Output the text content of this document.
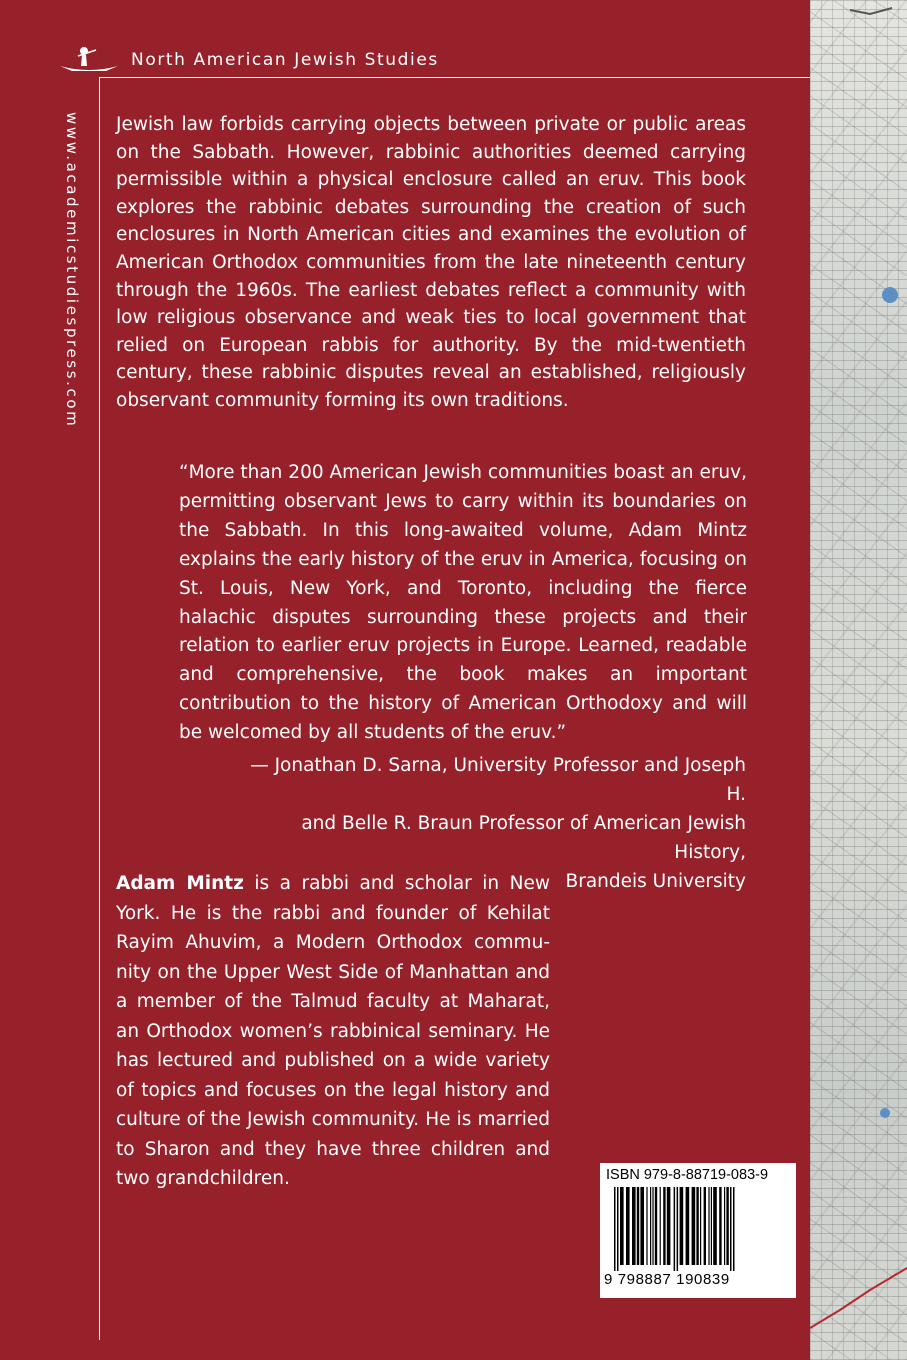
North American Jewish Studies
www.academicstudiespress.com Jewish law forbids carrying objects between private or public areas on the Sabbath. However, rabbinic authorities deemed carrying permissible within a physical enclosure called an eruv. This book explores the rabbinic debates surrounding the creation of such enclosures in North American cities and examines the evolution of American Orthodox communities from the late nineteenth century through the 1960s. The earliest debates reflect a community with low religious observance and weak ties to local government that relied on European rabbis for authority. By the mid-twentieth century, these rabbinic disputes reveal an established, religiously observant community forming its own traditions.

“More than 200 American Jewish communities boast an eruv, permitting observant Jews to carry within its boundaries on the Sabbath. In this long-awaited volume, Adam Mintz explains the early history of the eruv in America, focusing on St. Louis, New York, and Toronto, including the fierce halachic disputes surrounding these projects and their relation to earlier eruv projects in Europe. Learned, readable and comprehensive, the book makes an important contribution to the history of American Orthodoxy and will be welcomed by all students of the eruv.”

— Jonathan D. Sarna, University Professor and Joseph H.
and Belle R. Braun Professor of American Jewish History,
Brandeis University

Adam Mintz is a rabbi and scholar in New York. He is the rabbi and founder of Kehilat Rayim Ahuvim, a Modern Orthodox community on the Upper West Side of Manhattan and a member of the Talmud faculty at Maharat, an Orthodox women’s rabbinical seminary. He has lectured and published on a wide variety of topics and focuses on the legal history and culture of the Jewish community. He is married to Sharon and they have three children and two grandchildren.	ISBN 979-8-88719-083-9
9 798887 190839
